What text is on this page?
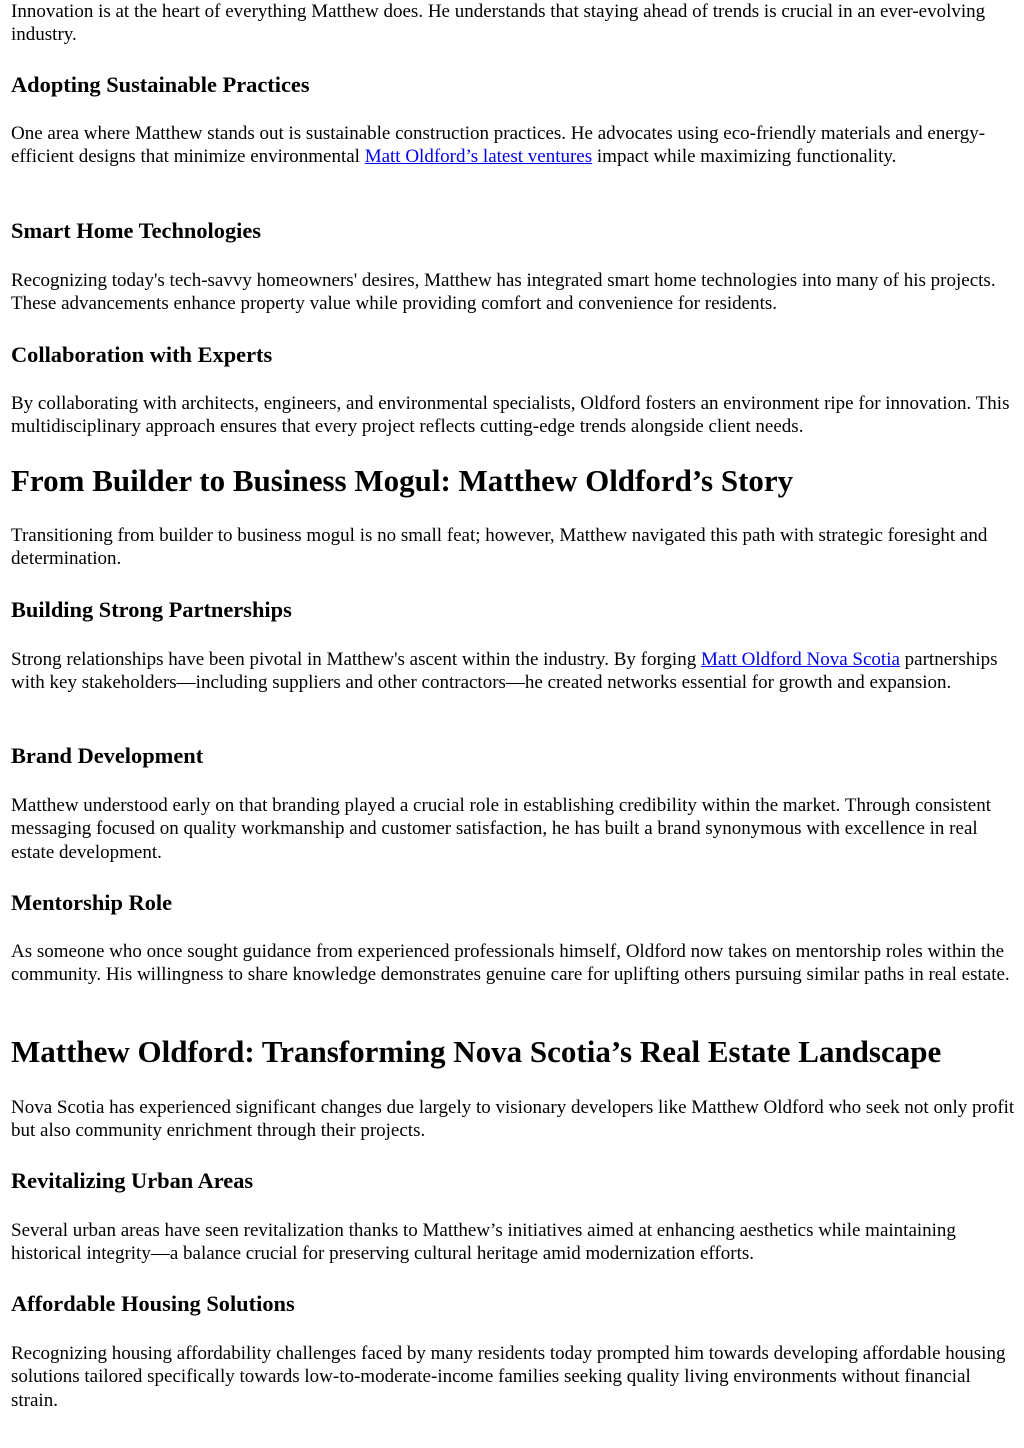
Innovation is at the heart of everything Matthew does. He understands that staying ahead of trends is crucial in an ever-evolving industry.

Adopting Sustainable Practices

One area where Matthew stands out is sustainable construction practices. He advocates using eco-friendly materials and energy-efficient designs that minimize environmental Matt Oldford’s latest ventures impact while maximizing functionality.

Smart Home Technologies

Recognizing today's tech-savvy homeowners' desires, Matthew has integrated smart home technologies into many of his projects. These advancements enhance property value while providing comfort and convenience for residents.

Collaboration with Experts

By collaborating with architects, engineers, and environmental specialists, Oldford fosters an environment ripe for innovation. This multidisciplinary approach ensures that every project reflects cutting-edge trends alongside client needs.

From Builder to Business Mogul: Matthew Oldford’s Story

Transitioning from builder to business mogul is no small feat; however, Matthew navigated this path with strategic foresight and determination.

Building Strong Partnerships

Strong relationships have been pivotal in Matthew's ascent within the industry. By forging Matt Oldford Nova Scotia partnerships with key stakeholders—including suppliers and other contractors—he created networks essential for growth and expansion.

Brand Development

Matthew understood early on that branding played a crucial role in establishing credibility within the market. Through consistent messaging focused on quality workmanship and customer satisfaction, he has built a brand synonymous with excellence in real estate development.

Mentorship Role

As someone who once sought guidance from experienced professionals himself, Oldford now takes on mentorship roles within the community. His willingness to share knowledge demonstrates genuine care for uplifting others pursuing similar paths in real estate.

Matthew Oldford: Transforming Nova Scotia’s Real Estate Landscape

Nova Scotia has experienced significant changes due largely to visionary developers like Matthew Oldford who seek not only profit but also community enrichment through their projects.

Revitalizing Urban Areas

Several urban areas have seen revitalization thanks to Matthew’s initiatives aimed at enhancing aesthetics while maintaining historical integrity—a balance crucial for preserving cultural heritage amid modernization efforts.

Affordable Housing Solutions

Recognizing housing affordability challenges faced by many residents today prompted him towards developing affordable housing solutions tailored specifically towards low-to-moderate-income families seeking quality living environments without financial strain.
